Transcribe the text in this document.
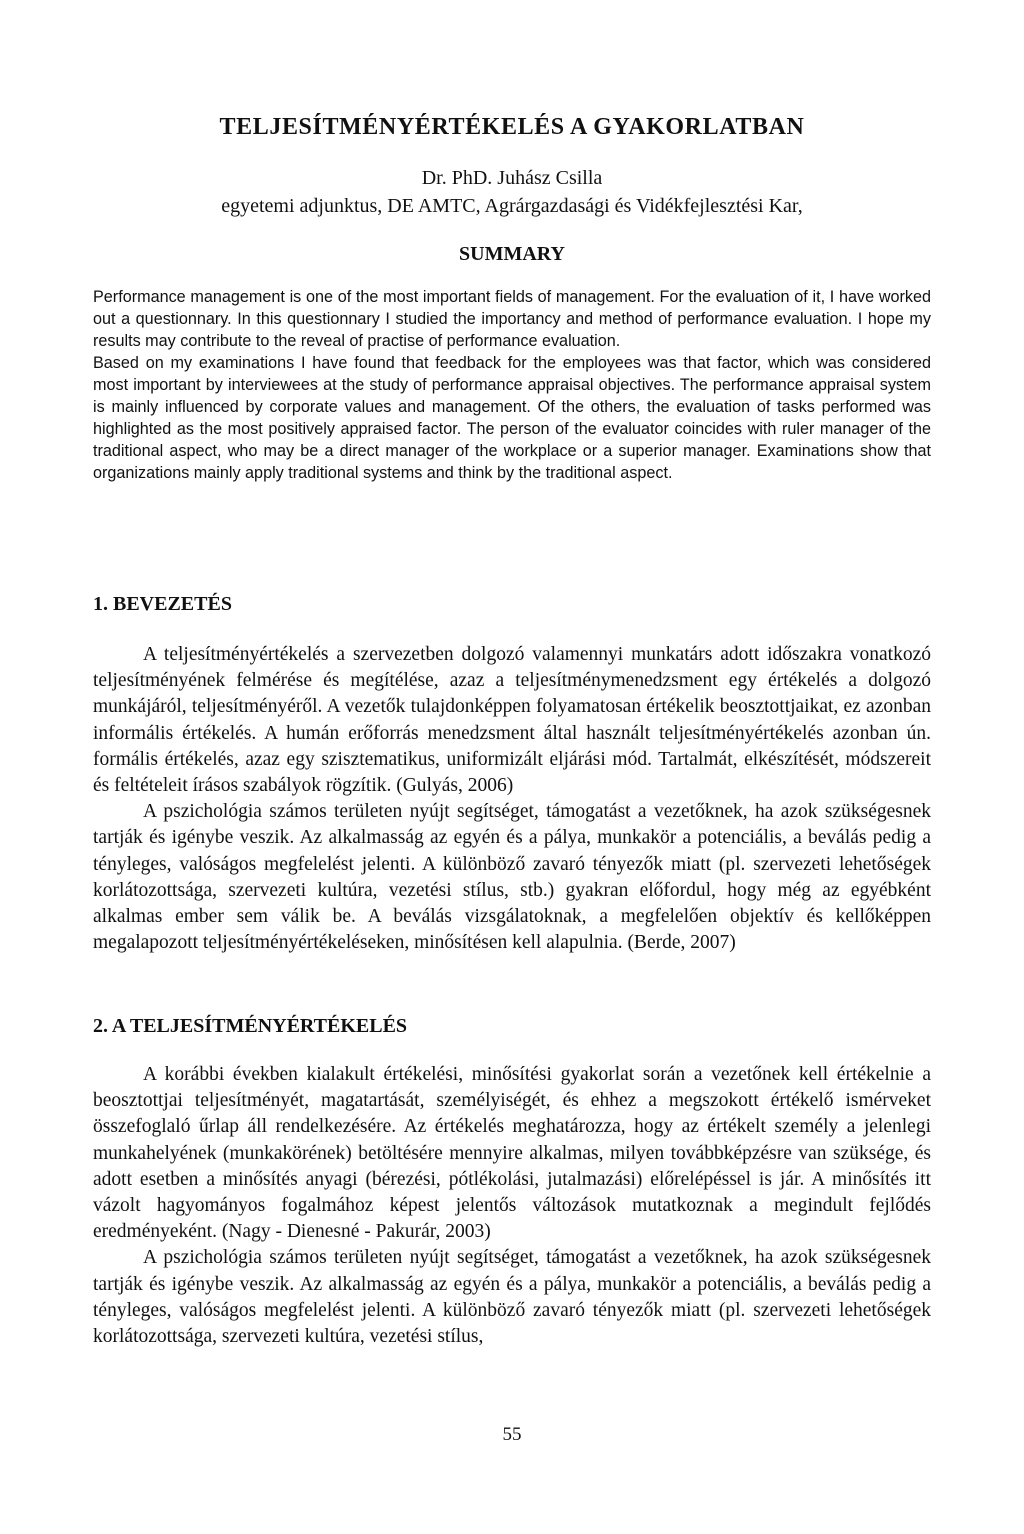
TELJESÍTMÉNYÉRTÉKELÉS A GYAKORLATBAN
Dr. PhD. Juhász Csilla
egyetemi adjunktus, DE AMTC, Agrárgazdasági és Vidékfejlesztési Kar,
SUMMARY

Performance management is one of the most important fields of management. For the evaluation of it, I have worked out a questionnary. In this questionnary I studied the importancy and method of performance evaluation. I hope my results may contribute to the reveal of practise of performance evaluation.

Based on my examinations I have found that feedback for the employees was that factor, which was considered most important by interviewees at the study of performance appraisal objectives. The performance appraisal system is mainly influenced by corporate values and management. Of the others, the evaluation of tasks performed was highlighted as the most positively appraised factor. The person of the evaluator coincides with ruler manager of the traditional aspect, who may be a direct manager of the workplace or a superior manager. Examinations show that organizations mainly apply traditional systems and think by the traditional aspect.

1. BEVEZETÉS

A teljesítményértékelés a szervezetben dolgozó valamennyi munkatárs adott időszakra vonatkozó teljesítményének felmérése és megítélése, azaz a teljesítménymenedzsment egy értékelés a dolgozó munkájáról, teljesítményéről. A vezetők tulajdonképpen folyamatosan értékelik beosztottjaikat, ez azonban informális értékelés. A humán erőforrás menedzsment által használt teljesítményértékelés azonban ún. formális értékelés, azaz egy szisztematikus, uniformizált eljárási mód. Tartalmát, elkészítését, módszereit és feltételeit írásos szabályok rögzítik. (Gulyás, 2006)

A pszichológia számos területen nyújt segítséget, támogatást a vezetőknek, ha azok szükségesnek tartják és igénybe veszik. Az alkalmasság az egyén és a pálya, munkakör a potenciális, a beválás pedig a tényleges, valóságos megfelelést jelenti. A különböző zavaró tényezők miatt (pl. szervezeti lehetőségek korlátozottsága, szervezeti kultúra, vezetési stílus, stb.) gyakran előfordul, hogy még az egyébként alkalmas ember sem válik be. A beválás vizsgálatoknak, a megfelelően objektív és kellőképpen megalapozott teljesítményértékeléseken, minősítésen kell alapulnia. (Berde, 2007)

2. A TELJESÍTMÉNYÉRTÉKELÉS

A korábbi években kialakult értékelési, minősítési gyakorlat során a vezetőnek kell értékelnie a beosztottjai teljesítményét, magatartását, személyiségét, és ehhez a megszokott értékelő ismérveket összefoglaló űrlap áll rendelkezésére. Az értékelés meghatározza, hogy az értékelt személy a jelenlegi munkahelyének (munkakörének) betöltésére mennyire alkalmas, milyen továbbképzésre van szüksége, és adott esetben a minősítés anyagi (bérezési, pótlékolási, jutalmazási) előrelépéssel is jár. A minősítés itt vázolt hagyományos fogalmához képest jelentős változások mutatkoznak a megindult fejlődés eredményeként. (Nagy - Dienesné - Pakurár, 2003)

A pszichológia számos területen nyújt segítséget, támogatást a vezetőknek, ha azok szükségesnek tartják és igénybe veszik. Az alkalmasság az egyén és a pálya, munkakör a potenciális, a beválás pedig a tényleges, valóságos megfelelést jelenti. A különböző zavaró tényezők miatt (pl. szervezeti lehetőségek korlátozottsága, szervezeti kultúra, vezetési stílus,

55
